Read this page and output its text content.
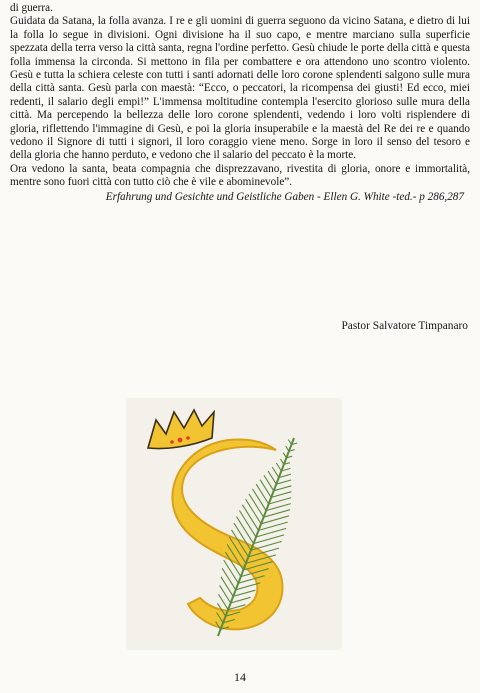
di guerra.

Guidata da Satana, la folla avanza. I re e gli uomini di guerra seguono da vicino Satana, e dietro di lui la folla lo segue in divisioni. Ogni divisione ha il suo capo, e mentre marciano sulla superficie spezzata della terra verso la città santa, regna l'ordine perfetto. Gesù chiude le porte della città e questa folla immensa la circonda. Si mettono in fila per combattere e ora attendono uno scontro violento. Gesù e tutta la schiera celeste con tutti i santi adornati delle loro corone splendenti salgono sulle mura della città santa. Gesù parla con maestà: “Ecco, o peccatori, la ricompensa dei giusti! Ed ecco, miei redenti, il salario degli empi!” L'immensa moltitudine contempla l'esercito glorioso sulle mura della città. Ma percependo la bellezza delle loro corone splendenti, vedendo i loro volti risplendere di gloria, riflettendo l'immagine di Gesù, e poi la gloria insuperabile e la maestà del Re dei re e quando vedono il Signore di tutti i signori, il loro coraggio viene meno. Sorge in loro il senso del tesoro e della gloria che hanno perduto, e vedono che il salario del peccato è la morte.

Ora vedono la santa, beata compagnia che disprezzavano, rivestita di gloria, onore e immortalità, mentre sono fuori città con tutto ciò che è vile e abominevole”.

Erfahrung und Gesichte und Geistliche Gaben - Ellen G. White -ted.- p 286,287

Pastor Salvatore Timpanaro

14
